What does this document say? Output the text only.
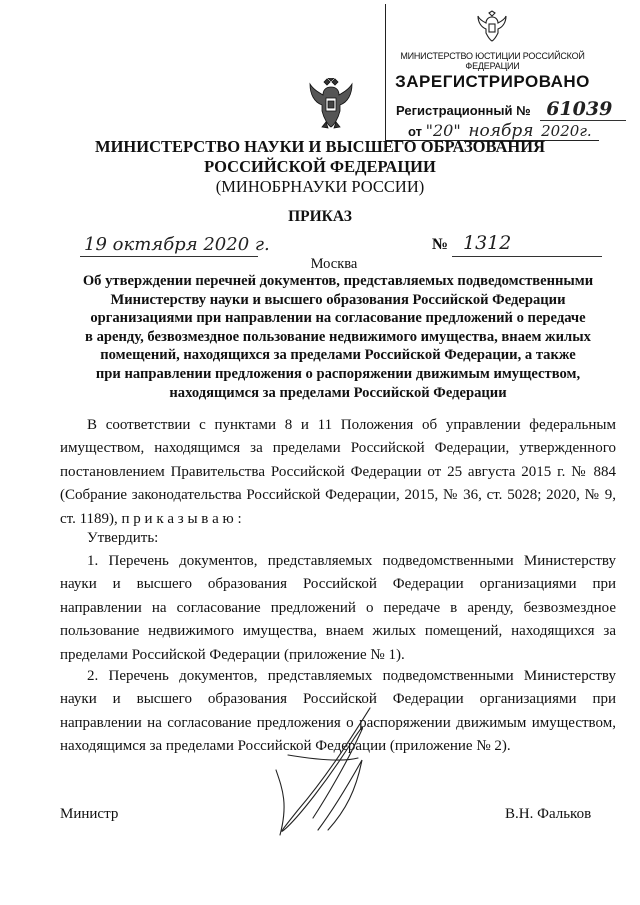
МИНИСТЕРСТВО ЮСТИЦИИ РОССИЙСКОЙ ФЕДЕРАЦИИ
ЗАРЕГИСТРИРОВАНО
Регистрационный № 61039
от "20" ноября 2020г.
МИНИСТЕРСТВО НАУКИ И ВЫСШЕГО ОБРАЗОВАНИЯ
РОССИЙСКОЙ ФЕДЕРАЦИИ
(МИНОБРНАУКИ РОССИИ)
ПРИКАЗ
19 октября 2020 г.	№ 1312
Москва
Об утверждении перечней документов, представляемых подведомственными
Министерству науки и высшего образования Российской Федерации
организациями при направлении на согласование предложений о передаче
в аренду, безвозмездное пользование недвижимого имущества, внаем жилых
помещений, находящихся за пределами Российской Федерации, а также
при направлении предложения о распоряжении движимым имуществом,
находящимся за пределами Российской Федерации
В соответствии с пунктами 8 и 11 Положения об управлении федеральным имуществом, находящимся за пределами Российской Федерации, утвержденного постановлением Правительства Российской Федерации от 25 августа 2015 г. № 884 (Собрание законодательства Российской Федерации, 2015, № 36, ст. 5028; 2020, № 9, ст. 1189), п р и к а з ы в а ю :
Утвердить:
1. Перечень документов, представляемых подведомственными Министерству науки и высшего образования Российской Федерации организациями при направлении на согласование предложений о передаче в аренду, безвозмездное пользование недвижимого имущества, внаем жилых помещений, находящихся за пределами Российской Федерации (приложение № 1).
2. Перечень документов, представляемых подведомственными Министерству науки и высшего образования Российской Федерации организациями при направлении на согласование предложения о распоряжении движимым имуществом, находящимся за пределами Российской Федерации (приложение № 2).
Министр	В.Н. Фальков
